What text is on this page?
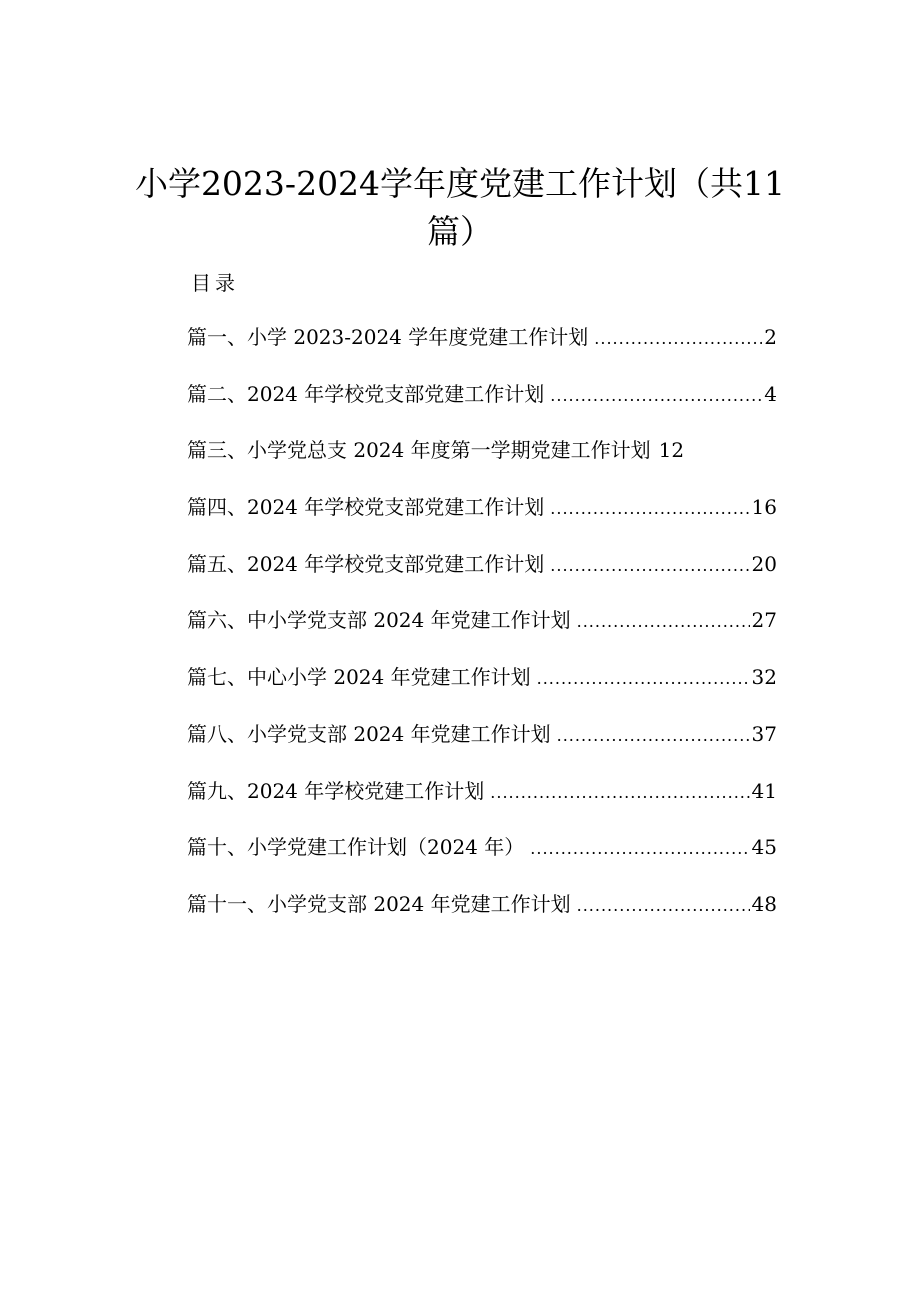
小学2023-2024学年度党建工作计划（共11
篇）
目录
篇一、小学 2023-2024 学年度党建工作计划 .....	2
篇二、2024 年学校党支部党建工作计划 .....	4
篇三、小学党总支 2024 年度第一学期党建工作计划 12
篇四、2024 年学校党支部党建工作计划 .....	16
篇五、2024 年学校党支部党建工作计划 .....	20
篇六、中小学党支部 2024 年党建工作计划 .....	27
篇七、中心小学 2024 年党建工作计划 .....	32
篇八、小学党支部 2024 年党建工作计划 .....	37
篇九、2024 年学校党建工作计划 .....	41
篇十、小学党建工作计划（2024 年） .....	45
篇十一、小学党支部 2024 年党建工作计划 .....	48
